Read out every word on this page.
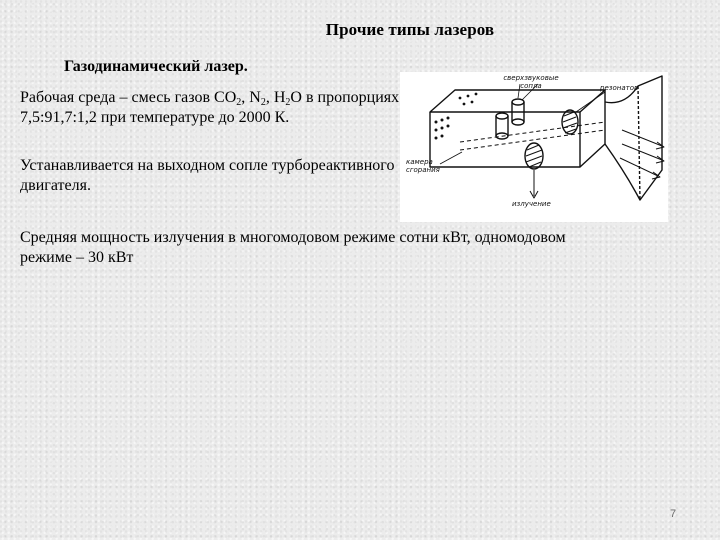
Прочие типы лазеров
Газодинамический лазер.
Рабочая среда – смесь газов $CO_2$, $N_2$, $H_2O$ в пропорциях 7,5:91,7:1,2 при температуре до 2000 К.
Устанавливается на выходном сопле турбореактивного двигателя.
Средняя мощность излучения в многомодовом режиме сотни кВт, одномодовом режиме – 30 кВт
сверхзвуковые сопла	резонатор
камера сгорания
излучение
7
